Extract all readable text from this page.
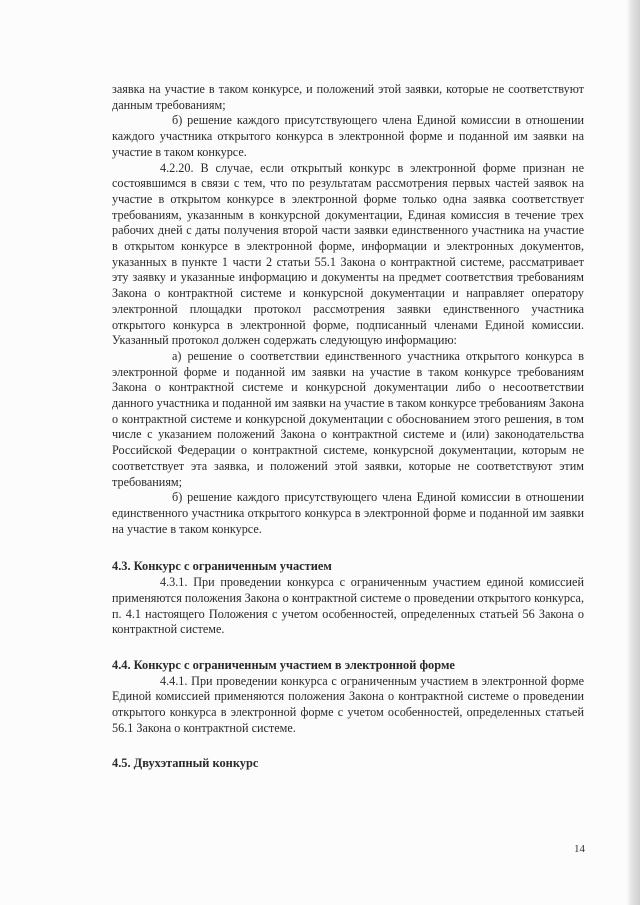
заявка на участие в таком конкурсе, и положений этой заявки, которые не соответствуют данным требованиям;

б) решение каждого присутствующего члена Единой комиссии в отношении каждого участника открытого конкурса в электронной форме и поданной им заявки на участие в таком конкурсе.

4.2.20. В случае, если открытый конкурс в электронной форме признан не состоявшимся в связи с тем, что по результатам рассмотрения первых частей заявок на участие в открытом конкурсе в электронной форме только одна заявка соответствует требованиям, указанным в конкурсной документации, Единая комиссия в течение трех рабочих дней с даты получения второй части заявки единственного участника на участие в открытом конкурсе в электронной форме, информации и электронных документов, указанных в пункте 1 части 2 статьи 55.1 Закона о контрактной системе, рассматривает эту заявку и указанные информацию и документы на предмет соответствия требованиям Закона о контрактной системе и конкурсной документации и направляет оператору электронной площадки протокол рассмотрения заявки единственного участника открытого конкурса в электронной форме, подписанный членами Единой комиссии. Указанный протокол должен содержать следующую информацию:

а) решение о соответствии единственного участника открытого конкурса в электронной форме и поданной им заявки на участие в таком конкурсе требованиям Закона о контрактной системе и конкурсной документации либо о несоответствии данного участника и поданной им заявки на участие в таком конкурсе требованиям Закона о контрактной системе и конкурсной документации с обоснованием этого решения, в том числе с указанием положений Закона о контрактной системе и (или) законодательства Российской Федерации о контрактной системе, конкурсной документации, которым не соответствует эта заявка, и положений этой заявки, которые не соответствуют этим требованиям;

б) решение каждого присутствующего члена Единой комиссии в отношении единственного участника открытого конкурса в электронной форме и поданной им заявки на участие в таком конкурсе.

4.3. Конкурс с ограниченным участием

4.3.1. При проведении конкурса с ограниченным участием единой комиссией применяются положения Закона о контрактной системе о проведении открытого конкурса, п. 4.1 настоящего Положения с учетом особенностей, определенных статьей 56 Закона о контрактной системе.

4.4. Конкурс с ограниченным участием в электронной форме

4.4.1. При проведении конкурса с ограниченным участием в электронной форме Единой комиссией применяются положения Закона о контрактной системе о проведении открытого конкурса в электронной форме с учетом особенностей, определенных статьей 56.1 Закона о контрактной системе.

4.5. Двухэтапный конкурс

14
